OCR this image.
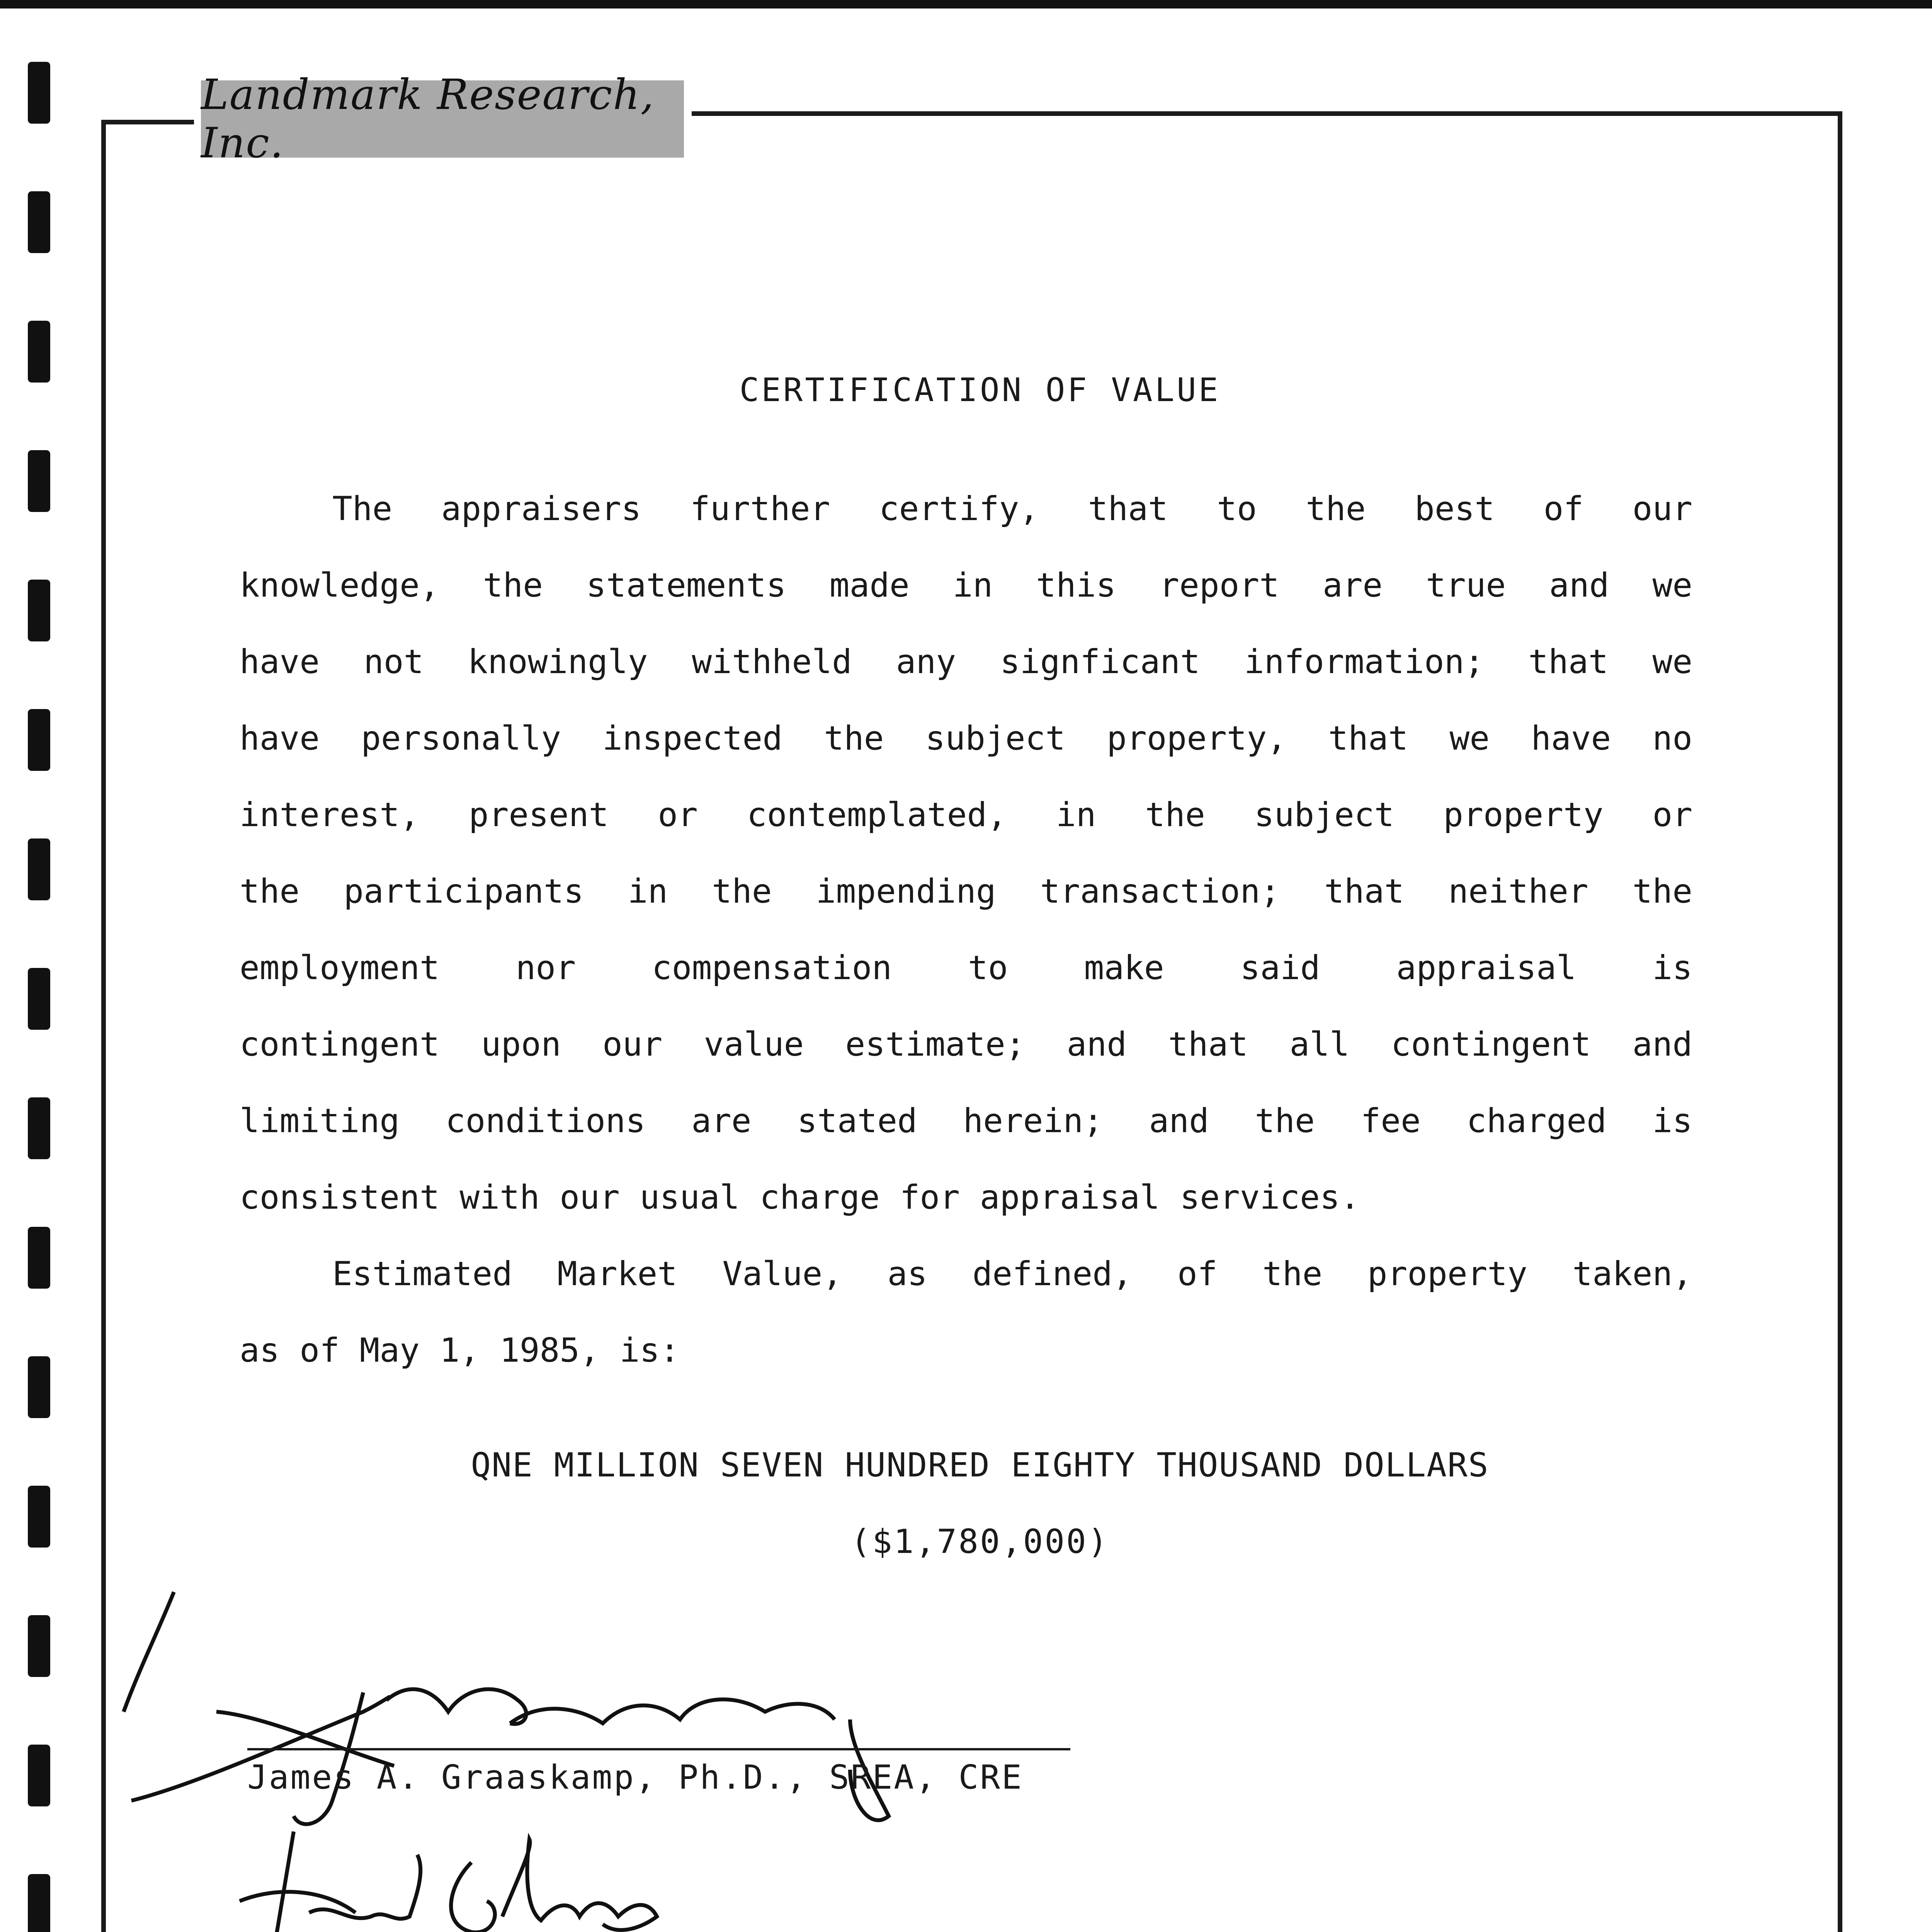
Landmark Research, Inc.
CERTIFICATION OF VALUE
The appraisers further certify, that to the best of our
knowledge, the statements made in this report are true and we
have not knowingly withheld any signficant information; that we
have personally inspected the subject property, that we have no
interest, present or contemplated, in the subject property or
the participants in the impending transaction; that neither the
employment nor compensation to make said appraisal is
contingent upon our value estimate; and that all contingent and
limiting conditions are stated herein; and the fee charged is
consistent with our usual charge for appraisal services.
Estimated Market Value, as defined, of the property taken,
as of May 1, 1985, is:
QNE MILLION SEVEN HUNDRED EIGHTY THOUSAND DOLLARS
($1,780,000)
James A. Graaskamp, Ph.D., SREA, CRE
